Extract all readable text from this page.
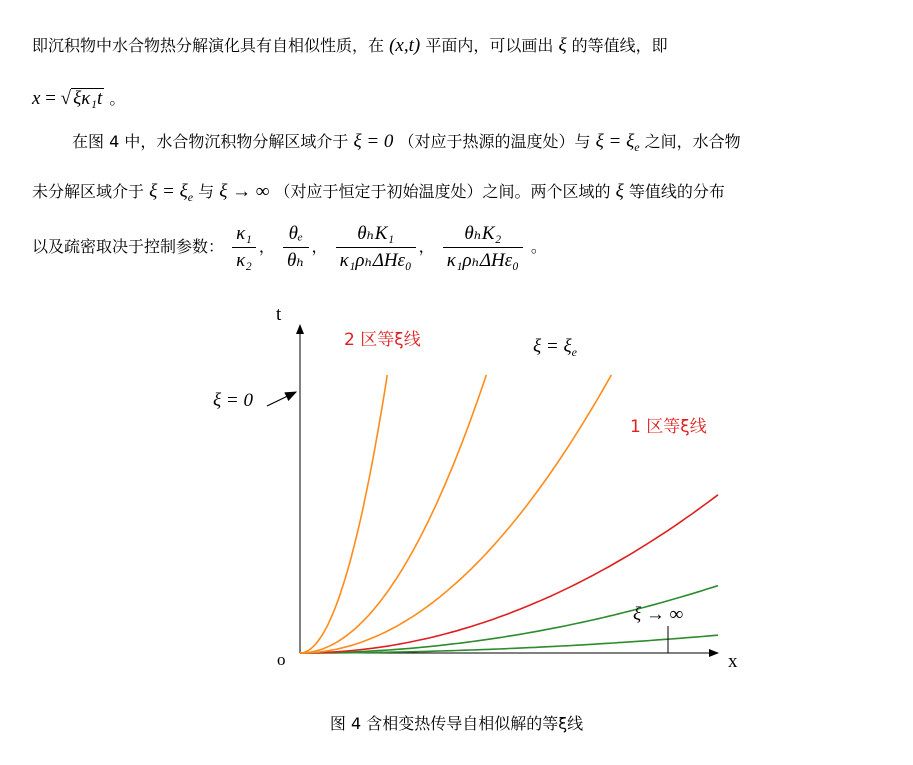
即沉积物中水合物热分解演化具有自相似性质，在 (x,t) 平面内，可以画出 ξ 的等值线，即
x = √ ξκ₁t 。
在图 4 中，水合物沉积物分解区域介于 ξ = 0 （对应于热源的温度处）与 $\xi = \xi_e$ 之间，水合物
未分解区域介于 $\xi = \xi_e$ 与 ξ → ∞ （对应于恒定于初始温度处）之间。两个区域的 ξ 等值线的分布
以及疏密取决于控制参数： $\frac{\text{κ₁}}{\text{κ₂}}$ ， $\frac{\text{θₑ}}{\text{θₕ}}$ ， $\frac{\text{θₕK₁}}{\text{κ₁ρₕΔHε₀}}$ ， $\frac{\text{θₕK₂}}{\text{κ₁ρₕΔHε₀}}$ 。
t
x
o
ξ = 0
$\xi = \xi_e$
2 区等ξ线
1 区等ξ线
ξ → ∞
图 4 含相变热传导自相似解的等ξ线
